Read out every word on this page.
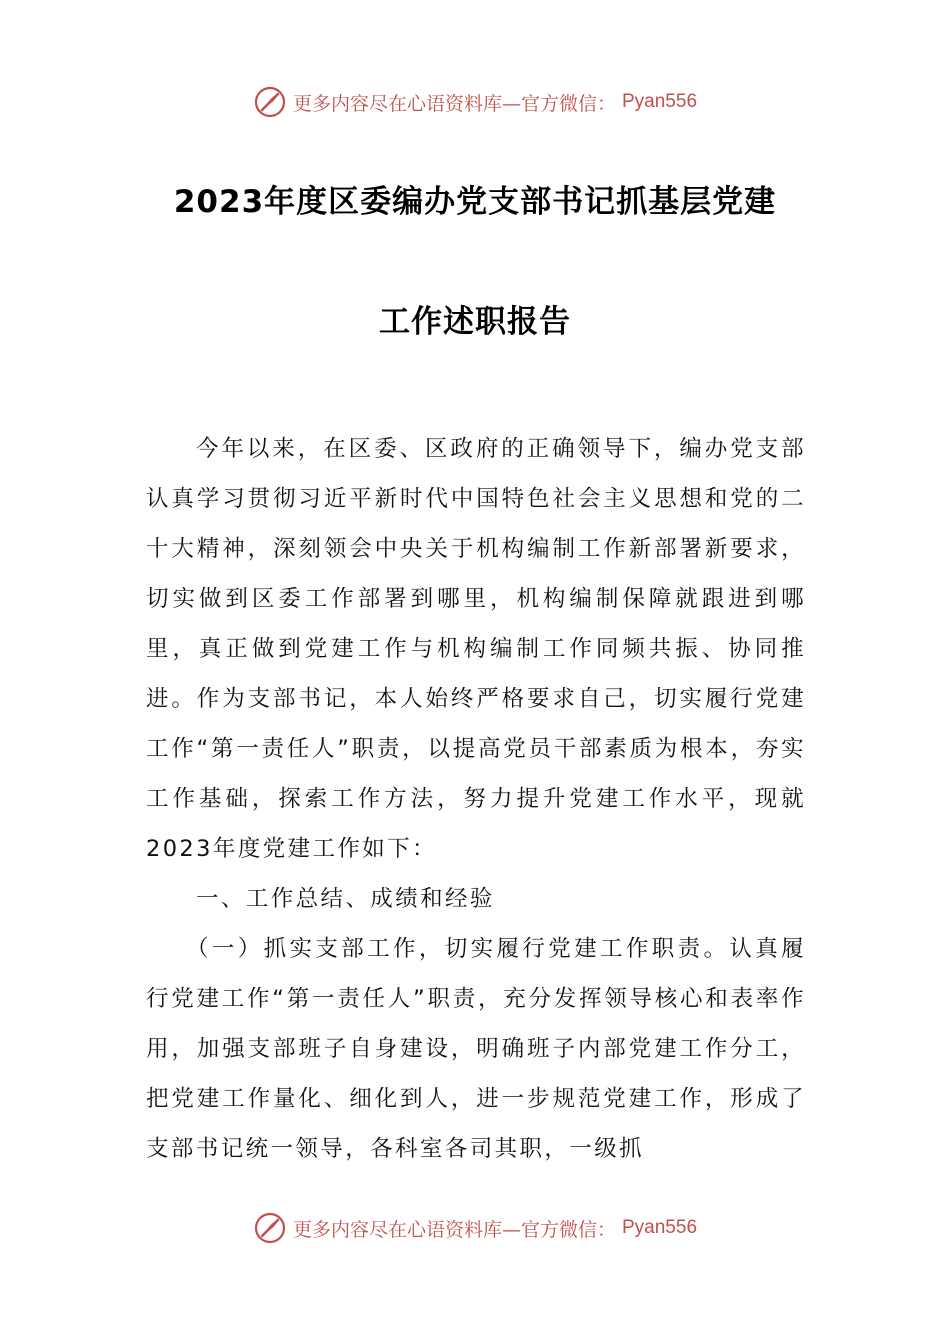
更多内容尽在心语资料库—官方微信： Pyan556
2023年度区委编办党支部书记抓基层党建
工作述职报告

今年以来，在区委、区政府的正确领导下，编办党支部认真学习贯彻习近平新时代中国特色社会主义思想和党的二十大精神，深刻领会中央关于机构编制工作新部署新要求，切实做到区委工作部署到哪里，机构编制保障就跟进到哪里，真正做到党建工作与机构编制工作同频共振、协同推进。作为支部书记，本人始终严格要求自己，切实履行党建工作“第一责任人”职责，以提高党员干部素质为根本，夯实工作基础，探索工作方法，努力提升党建工作水平，现就2023年度党建工作如下：

一、工作总结、成绩和经验

（一）抓实支部工作，切实履行党建工作职责。认真履行党建工作“第一责任人”职责，充分发挥领导核心和表率作用，加强支部班子自身建设，明确班子内部党建工作分工，把党建工作量化、细化到人，进一步规范党建工作，形成了支部书记统一领导，各科室各司其职，一级抓

更多内容尽在心语资料库—官方微信： Pyan556
